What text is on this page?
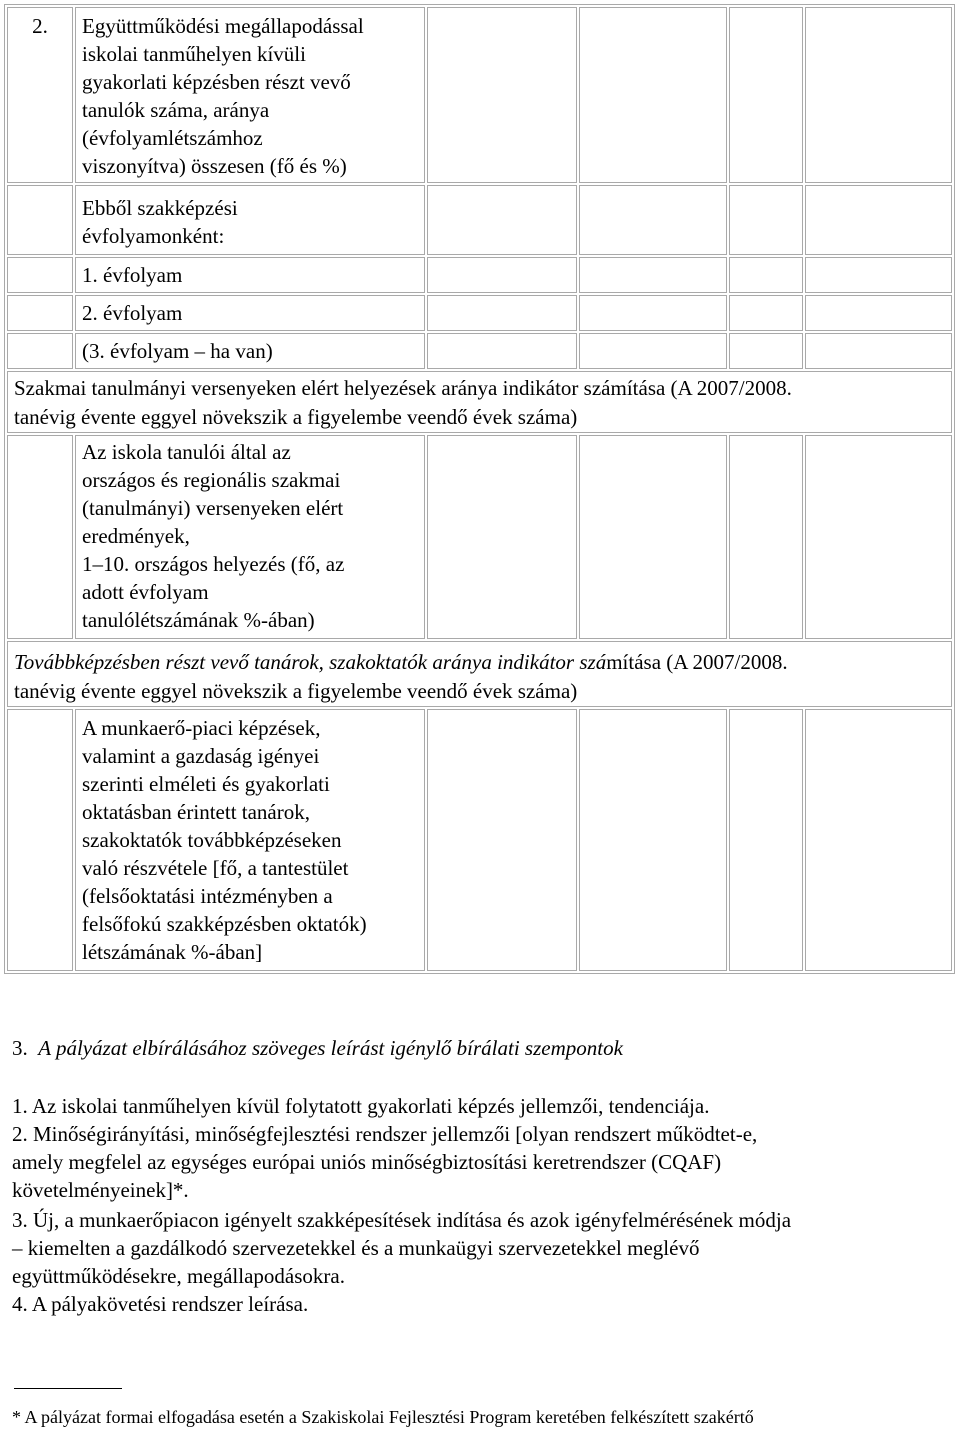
2.	Együttműködési megállapodással
iskolai tanműhelyen kívüli
gyakorlati képzésben részt vevő
tanulók száma, aránya
(évfolyamlétszámhoz
viszonyítva) összesen (fő és %)
Ebből szakképzési
évfolyamonként:
1. évfolyam
2. évfolyam
(3. évfolyam – ha van)
Szakmai tanulmányi versenyeken elért helyezések aránya indikátor számítása (A 2007/2008.
tanévig évente eggyel növekszik a figyelembe veendő évek száma)
Az iskola tanulói által az
országos és regionális szakmai
(tanulmányi) versenyeken elért
eredmények,
1–10. országos helyezés (fő, az
adott évfolyam
tanulólétszámának %-ában)
Továbbképzésben részt vevő tanárok, szakoktatók aránya indikátor számítása (A 2007/2008.
tanévig évente eggyel növekszik a figyelembe veendő évek száma)
A munkaerő-piaci képzések,
valamint a gazdaság igényei
szerinti elméleti és gyakorlati
oktatásban érintett tanárok,
szakoktatók továbbképzéseken
való részvétele [fő, a tantestület
(felsőoktatási intézményben a
felsőfokú szakképzésben oktatók)
létszámának %-ában]
3. A pályázat elbírálásához szöveges leírást igénylő bírálati szempontok
1. Az iskolai tanműhelyen kívül folytatott gyakorlati képzés jellemzői, tendenciája.
2. Minőségirányítási, minőségfejlesztési rendszer jellemzői [olyan rendszert működtet-e,
amely megfelel az egységes európai uniós minőségbiztosítási keretrendszer (CQAF)
követelményeinek]*.
3. Új, a munkaerőpiacon igényelt szakképesítések indítása és azok igényfelmérésének módja
– kiemelten a gazdálkodó szervezetekkel és a munkaügyi szervezetekkel meglévő
együttműködésekre, megállapodásokra.
4. A pályakövetési rendszer leírása.
* A pályázat formai elfogadása esetén a Szakiskolai Fejlesztési Program keretében felkészített szakértő
